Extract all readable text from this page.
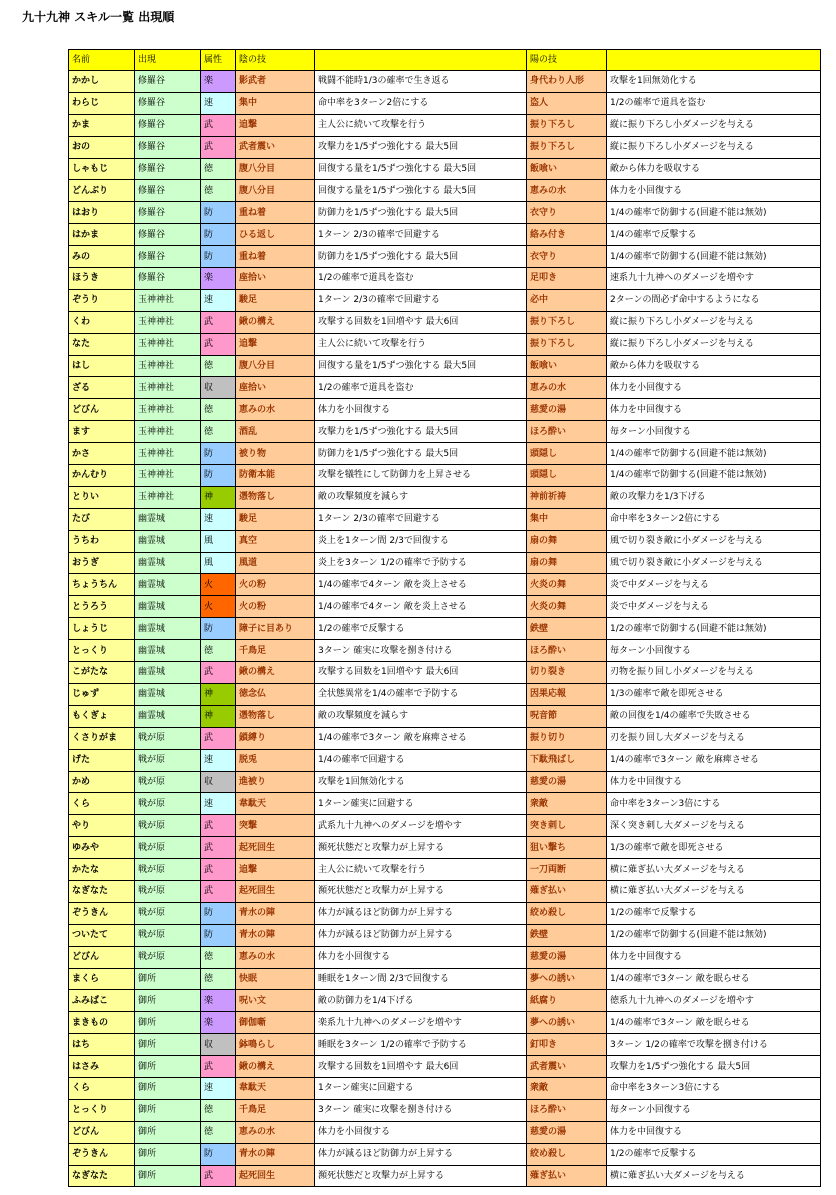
九十九神 スキル一覧 出現順
名前	出現	属性	陰の技		陽の技	
かかし	修羅谷	楽	影武者	戦闘不能時1/3の確率で生き返る	身代わり人形	攻撃を1回無効化する
わらじ	修羅谷	速	集中	命中率を3ターン2倍にする	盗人	1/2の確率で道具を盗む
かま	修羅谷	武	追撃	主人公に続いて攻撃を行う	振り下ろし	縦に振り下ろし小ダメージを与える
おの	修羅谷	武	武者震い	攻撃力を1/5ずつ強化する 最大5回	振り下ろし	縦に振り下ろし小ダメージを与える
しゃもじ	修羅谷	徳	腹八分目	回復する量を1/5ずつ強化する 最大5回	飯喰い	敵から体力を吸収する
どんぶり	修羅谷	徳	腹八分目	回復する量を1/5ずつ強化する 最大5回	恵みの水	体力を小回復する
はおり	修羅谷	防	重ね着	防御力を1/5ずつ強化する 最大5回	衣守り	1/4の確率で防御する(回避不能は無効)
はかま	修羅谷	防	ひる返し	1ターン 2/3の確率で回避する	絡み付き	1/4の確率で反撃する
みの	修羅谷	防	重ね着	防御力を1/5ずつ強化する 最大5回	衣守り	1/4の確率で防御する(回避不能は無効)
ほうき	修羅谷	楽	座拾い	1/2の確率で道具を盗む	足叩き	速系九十九神へのダメージを増やす
ぞうり	玉神神社	速	駿足	1ターン 2/3の確率で回避する	必中	2ターンの間必ず命中するようになる
くわ	玉神神社	武	鍬の構え	攻撃する回数を1回増やす 最大6回	振り下ろし	縦に振り下ろし小ダメージを与える
なた	玉神神社	武	追撃	主人公に続いて攻撃を行う	振り下ろし	縦に振り下ろし小ダメージを与える
はし	玉神神社	徳	腹八分目	回復する量を1/5ずつ強化する 最大5回	飯喰い	敵から体力を吸収する
ざる	玉神神社	収	座拾い	1/2の確率で道具を盗む	恵みの水	体力を小回復する
どびん	玉神神社	徳	恵みの水	体力を小回復する	慈愛の湯	体力を中回復する
ます	玉神神社	徳	酒乱	攻撃力を1/5ずつ強化する 最大5回	ほろ酔い	毎ターン小回復する
かさ	玉神神社	防	被り物	防御力を1/5ずつ強化する 最大5回	頭隠し	1/4の確率で防御する(回避不能は無効)
かんむり	玉神神社	防	防衛本能	攻撃を犠牲にして防御力を上昇させる	頭隠し	1/4の確率で防御する(回避不能は無効)
とりい	玉神神社	神	憑物落し	敵の攻撃頻度を減らす	神前祈祷	敵の攻撃力を1/3下げる
たび	幽霊城	速	駿足	1ターン 2/3の確率で回避する	集中	命中率を3ターン2倍にする
うちわ	幽霊城	風	真空	炎上を1ターン間 2/3で回復する	扇の舞	風で切り裂き敵に小ダメージを与える
おうぎ	幽霊城	風	風道	炎上を3ターン 1/2の確率で予防する	扇の舞	風で切り裂き敵に小ダメージを与える
ちょうちん	幽霊城	火	火の粉	1/4の確率で4ターン 敵を炎上させる	火炎の舞	炎で中ダメージを与える
とうろう	幽霊城	火	火の粉	1/4の確率で4ターン 敵を炎上させる	火炎の舞	炎で中ダメージを与える
しょうじ	幽霊城	防	障子に目あり	1/2の確率で反撃する	鉄壁	1/2の確率で防御する(回避不能は無効)
とっくり	幽霊城	徳	千鳥足	3ターン 確実に攻撃を捌き付ける	ほろ酔い	毎ターン小回復する
こがたな	幽霊城	武	鍬の構え	攻撃する回数を1回増やす 最大6回	切り裂き	刃物を振り回し小ダメージを与える
じゅず	幽霊城	神	徳念仏	全状態異常を1/4の確率で予防する	因果応報	1/3の確率で敵を即死させる
もくぎょ	幽霊城	神	憑物落し	敵の攻撃頻度を減らす	呪音節	敵の回復を1/4の確率で失敗させる
くさりがま	戦が原	武	鎖縛り	1/4の確率で3ターン 敵を麻痺させる	振り切り	刃を振り回し大ダメージを与える
げた	戦が原	速	脱兎	1/4の確率で回避する	下駄飛ばし	1/4の確率で3ターン 敵を麻痺させる
かめ	戦が原	収	進被り	攻撃を1回無効化する	慈愛の湯	体力を中回復する
くら	戦が原	速	韋駄天	1ターン確実に回避する	衆敵	命中率を3ターン3倍にする
やり	戦が原	武	突撃	武系九十九神へのダメージを増やす	突き刺し	深く突き刺し大ダメージを与える
ゆみや	戦が原	武	起死回生	瀕死状態だと攻撃力が上昇する	狙い撃ち	1/3の確率で敵を即死させる
かたな	戦が原	武	追撃	主人公に続いて攻撃を行う	一刀両断	横に薙ぎ払い大ダメージを与える
なぎなた	戦が原	武	起死回生	瀕死状態だと攻撃力が上昇する	薙ぎ払い	横に薙ぎ払い大ダメージを与える
ぞうきん	戦が原	防	青水の陣	体力が減るほど防御力が上昇する	絞め殺し	1/2の確率で反撃する
ついたて	戦が原	防	青水の陣	体力が減るほど防御力が上昇する	鉄壁	1/2の確率で防御する(回避不能は無効)
どびん	戦が原	徳	恵みの水	体力を小回復する	慈愛の湯	体力を中回復する
まくら	御所	徳	快眠	睡眠を1ターン間 2/3で回復する	夢への誘い	1/4の確率で3ターン 敵を眠らせる
ふみばこ	御所	楽	呪い文	敵の防御力を1/4下げる	紙腐り	徳系九十九神へのダメージを増やす
まきもの	御所	楽	御伽噺	楽系九十九神へのダメージを増やす	夢への誘い	1/4の確率で3ターン 敵を眠らせる
はち	御所	収	鉢鳴らし	睡眠を3ターン 1/2の確率で予防する	釘叩き	3ターン 1/2の確率で攻撃を捌き付ける
はさみ	御所	武	鍬の構え	攻撃する回数を1回増やす 最大6回	武者震い	攻撃力を1/5ずつ強化する 最大5回
くら	御所	速	韋駄天	1ターン確実に回避する	衆敵	命中率を3ターン3倍にする
とっくり	御所	徳	千鳥足	3ターン 確実に攻撃を捌き付ける	ほろ酔い	毎ターン小回復する
どびん	御所	徳	恵みの水	体力を小回復する	慈愛の湯	体力を中回復する
ぞうきん	御所	防	青水の陣	体力が減るほど防御力が上昇する	絞め殺し	1/2の確率で反撃する
なぎなた	御所	武	起死回生	瀕死状態だと攻撃力が上昇する	薙ぎ払い	横に薙ぎ払い大ダメージを与える
